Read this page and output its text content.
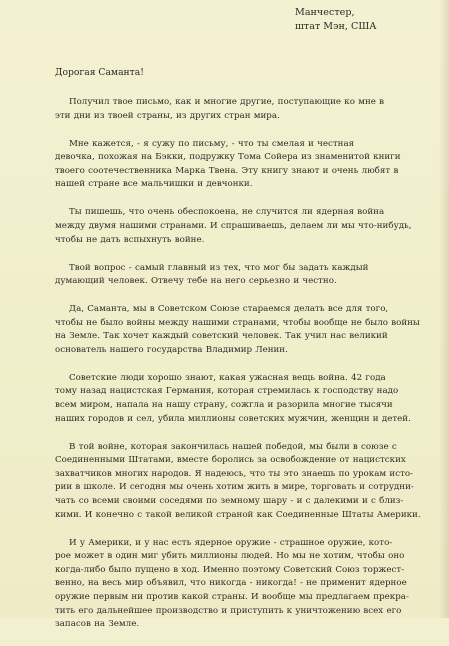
Манчестер,
штат Мэн, США
Дорогая Саманта!

Получил твое письмо, как и многие другие, поступающие ко мне в
эти дни из твоей страны, из других стран мира.

Мне кажется, - я сужу по письму, - что ты смелая и честная
девочка, похожая на Бэкки, подружку Тома Сойера из знаменитой книги
твоего соотечественника Марка Твена. Эту книгу знают и очень любят в
нашей стране все мальчишки и девчонки.

Ты пишешь, что очень обеспокоена, не случится ли ядерная война
между двумя нашими странами. И спрашиваешь, делаем ли мы что-нибудь,
чтобы не дать вспыхнуть войне.

Твой вопрос - самый главный из тех, что мог бы задать каждый
думающий человек. Отвечу тебе на него серьезно и честно.

Да, Саманта, мы в Советском Союзе стараемся делать все для того,
чтобы не было войны между нашими странами, чтобы вообще не было войны
на Земле. Так хочет каждый советский человек. Так учил нас великий
основатель нашего государства Владимир Ленин.

Советские люди хорошо знают, какая ужасная вещь война. 42 года
тому назад нацистская Германия, которая стремилась к господству надо
всем миром, напала на нашу страну, сожгла и разорила многие тысячи
наших городов и сел, убила миллионы советских мужчин, женщин и детей.

В той войне, которая закончилась нашей победой, мы были в союзе с
Соединенными Штатами, вместе боролись за освобождение от нацистских
захватчиков многих народов. Я надеюсь, что ты это знаешь по урокам исто-
рии в школе. И сегодня мы очень хотим жить в мире, торговать и сотрудни-
чать со всеми своими соседями по земному шару - и с далекими и с близ-
кими. И конечно с такой великой страной как Соединенные Штаты Америки.

И у Америки, и у нас есть ядерное оружие - страшное оружие, кото-
рое может в один миг убить миллионы людей. Но мы не хотим, чтобы оно
когда-либо было пущено в ход. Именно поэтому Советский Союз торжест-
венно, на весь мир объявил, что никогда - никогда! - не применит ядерное
оружие первым ни против какой страны. И вообще мы предлагаем прекра-
тить его дальнейшее производство и приступить к уничтожению всех его
запасов на Земле.
